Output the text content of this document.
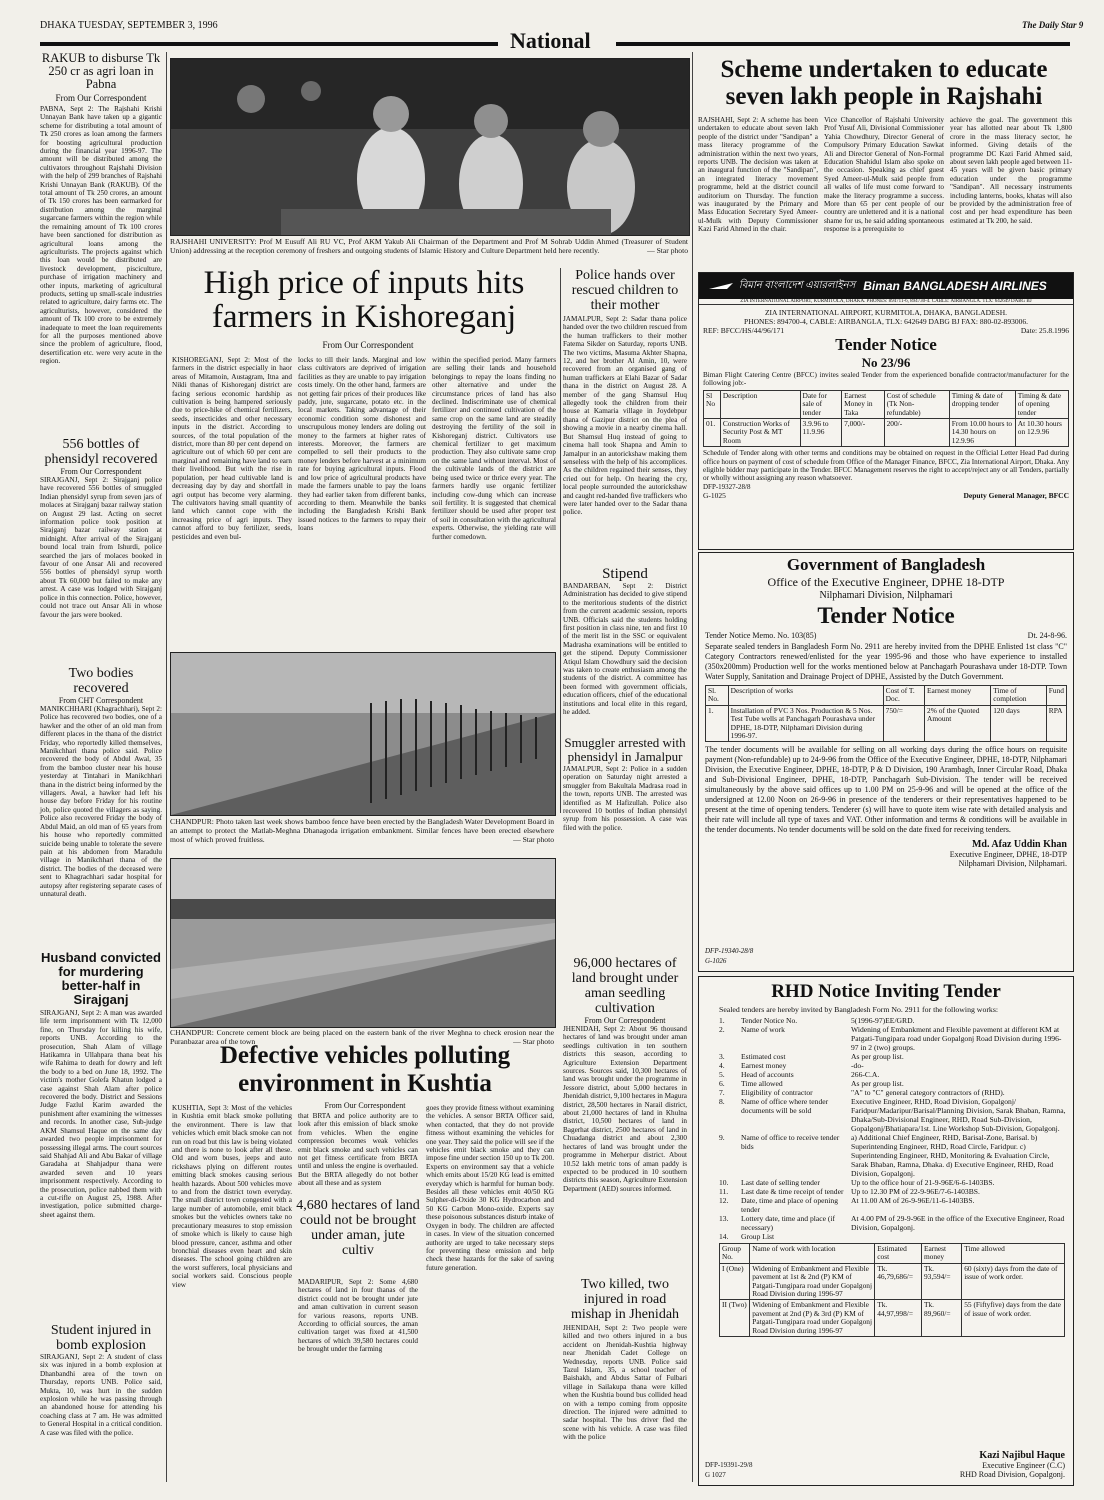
DHAKA TUESDAY, SEPTEMBER 3, 1996
National
The Daily Star 9
RAKUB to disburse Tk 250 cr as agri loan in Pabna
From Our Correspondent
PABNA, Sept 2: The Rajshahi Krishi Unnayan Bank have taken up a gigantic scheme for distributing a total amount of Tk 250 crores as loan among the farmers for boosting agricultural production during the financial year 1996-97. The amount will be distributed among the cultivators throughout Rajshahi Division with the help of 299 branches of Rajshahi Krishi Unnayan Bank (RAKUB). Of the total amount of Tk 250 crores, an amount of Tk 150 crores has been earmarked for distribution among the marginal sugarcane farmers within the region while the remaining amount of Tk 100 crores have been sanctioned for distribution as agricultural loans among the agriculturists. The projects against which this loan would be distributed are livestock development, pisciculture, purchase of irrigation machinery and other inputs, marketing of agricultural products, setting up small-scale industries related to agriculture, dairy farms etc. The agriculturists, however, considered the amount of Tk 100 crore to be extremely inadequate to meet the loan requirements for all the purposes mentioned above since the problem of agriculture, flood, desertification etc. were very acute in the region.
556 bottles of phensidyl recovered
From Our Correspondent
SIRAJGANJ, Sept 2: Sirajganj police have recovered 556 bottles of smuggled Indian phensidyl syrup from seven jars of molaces at Sirajganj bazar railway station on August 29 last. Acting on secret information police took position at Sirajganj bazar railway station at midnight. After arrival of the Sirajganj bound local train from Ishurdi, police searched the jars of molaces booked in favour of one Ansar Ali and recovered 556 bottles of phensidyl syrup worth about Tk 60,000 but failed to make any arrest. A case was lodged with Sirajganj police in this connection. Police, however, could not trace out Ansar Ali in whose favour the jars were booked.
Two bodies recovered
From CHT Correspondent
MANIKCHHARI (Khagrachhari), Sept 2: Police has recovered two bodies, one of a hawker and the other of an old man from different places in the thana of the district Friday, who reportedly killed themselves, Manikchhari thana police said. Police recovered the body of Abdul Awal, 35 from the bamboo cluster near his house yesterday at Tintahari in Manikchhari thana in the district being informed by the villagers. Awal, a hawker had left his house day before Friday for his routine job, police quoted the villagers as saying. Police also recovered Friday the body of Abdul Maid, an old man of 65 years from his house who reportedly committed suicide being unable to tolerate the severe pain at his abdomen from Maradulu village in Manikchhari thana of the district. The bodies of the deceased were sent to Khagrachhari sadar hospital for autopsy after registering separate cases of unnatural death.
Husband convicted for murdering better-half in Sirajganj
SIRAJGANJ, Sept 2: A man was awarded life term imprisonment with Tk 12,000 fine, on Thursday for killing his wife, reports UNB. According to the prosecution, Shah Alam of village Hatikamra in Ullahpara thana beat his wife Rahima to death for dowry and left the body to a bed on June 18, 1992. The victim's mother Golefa Khatun lodged a case against Shah Alam after police recovered the body. District and Sessions Judge Fazlul Karim awarded the punishment after examining the witnesses and records. In another case, Sub-judge AKM Shamsul Haque on the same day awarded two people imprisonment for possessing illegal arms. The court sources said Shahjad Ali and Abu Bakar of village Garadaha at Shahjadpur thana were awarded seven and 10 years imprisonment respectively. According to the prosecution, police nabbed them with a cut-rifle on August 25, 1988. After investigation, police submitted charge-sheet against them.
Student injured in bomb explosion
SIRAJGANJ, Sept 2: A student of class six was injured in a bomb explosion at Dhanbandhi area of the town on Thursday, reports UNB. Police said, Mukta, 10, was hurt in the sudden explosion while he was passing through an abandoned house for attending his coaching class at 7 am. He was admitted to General Hospital in a critical condition. A case was filed with the police.
RAJSHAHI UNIVERSITY: Prof M Eusuff Ali RU VC, Prof AKM Yakub Ali Chairman of the Department and Prof M Sohrab Uddin Ahmed (Treasurer of Student Union) addressing at the reception ceremony of freshers and outgoing students of Islamic History and Culture Department held here recently.	— Star photo
High price of inputs hits farmers in Kishoreganj
From Our Correspondent
KISHOREGANJ, Sept 2: Most of the farmers in the district especially in haor areas of Mitamoin, Austagram, Itna and Nikli thanas of Kishoreganj district are facing serious economic hardship as cultivation is being hampered seriously due to price-hike of chemical fertilizers, seeds, insecticides and other necessary inputs in the district. According to sources, of the total population of the district, more than 80 per cent depend on agriculture out of which 60 per cent are marginal and remaining have land to earn their livelihood. But with the rise in population, per head cultivable land is decreasing day by day and shortfall in agri output has become very alarming. The cultivators having small quantity of land which cannot cope with the increasing price of agri inputs. They cannot afford to buy fertilizer, seeds, pesticides and even bul-
locks to till their lands. Marginal and low class cultivators are deprived of irrigation facilities as they are unable to pay irrigation costs timely. On the other hand, farmers are not getting fair prices of their produces like paddy, jute, sugarcane, potato etc. in the local markets. Taking advantage of their economic condition some dishonest and unscrupulous money lenders are doling out money to the farmers at higher rates of interests. Moreover, the farmers are compelled to sell their products to the money lenders before harvest at a minimum rate for buying agricultural inputs. Flood and low price of agricultural products have made the farmers unable to pay the loans they had earlier taken from different banks, according to them. Meanwhile the banks including the Bangladesh Krishi Bank issued notices to the farmers to repay their loans
within the specified period. Many farmers are selling their lands and household belongings to repay the loans finding no other alternative and under the circumstance prices of land has also declined. Indiscriminate use of chemical fertilizer and continued cultivation of the same crop on the same land are steadily destroying the fertility of the soil in Kishoreganj district. Cultivators use chemical fertilizer to get maximum production. They also cultivate same crop on the same land without interval. Most of the cultivable lands of the district are being used twice or thrice every year. The farmers hardly use organic fertilizer including cow-dung which can increase soil fertility. It is suggested that chemical fertilizer should be used after proper test of soil in consultation with the agricultural experts. Otherwise, the yielding rate will further comedown.
Police hands over rescued children to their mother
JAMALPUR, Sept 2: Sadar thana police handed over the two children rescued from the human traffickers to their mother Fatema Sikder on Saturday, reports UNB. The two victims, Masuma Akhter Shapna, 12, and her brother Al Amin, 10, were recovered from an organised gang of human traffickers at Elahi Bazar of Sadar thana in the district on August 28. A member of the gang Shamsul Huq allegedly took the children from their house at Kamaria village in Joydebpur thana of Gazipur district on the plea of showing a movie in a nearby cinema hall. But Shamsul Huq instead of going to cinema hall took Shapna and Amin to Jamalpur in an autorickshaw making them senseless with the help of his accomplices. As the children regained their senses, they cried out for help. On hearing the cry, local people surrounded the autorickshaw and caught red-handed five traffickers who were later handed over to the Sadar thana police.
Stipend
BANDARBAN, Sept 2: District Administration has decided to give stipend to the meritorious students of the district from the current academic session, reports UNB. Officials said the students holding first position in class nine, ten and first 10 of the merit list in the SSC or equivalent Madrasha examinations will be entitled to get the stipend. Deputy Commissioner Atiqul Islam Chowdhury said the decision was taken to create enthusiasm among the students of the district. A committee has been formed with government officials, education officers, chief of the educational institutions and local elite in this regard, he added.
Smuggler arrested with phensidyl in Jamalpur
JAMALPUR, Sept 2: Police in a sudden operation on Saturday night arrested a smuggler from Bakultala Madrasa road in the town, reports UNB. The arrested was identified as M Hafizullah. Police also recovered 10 bottles of Indian phensidyl syrup from his possession. A case was filed with the police.
CHANDPUR: Photo taken last week shows bamboo fence have been erected by the Bangladesh Water Development Board in an attempt to protect the Matlab-Meghna Dhanagoda irrigation embankment. Similar fences have been erected elsewhere most of which proved fruitless.	— Star photo
CHANDPUR: Concrete cement block are being placed on the eastern bank of the river Meghna to check erosion near the Puranbazar area of the town	— Star photo
96,000 hectares of land brought under aman seedling cultivation
From Our Correspondent
JHENIDAH, Sept 2: About 96 thousand hectares of land was brought under aman seedlings cultivation in ten southern districts this season, according to Agriculture Extension Department sources. Sources said, 10,300 hectares of land was brought under the programme in Jessore district, about 5,000 hectares in Jhenidah district, 9,100 hectares in Magura district, 28,500 hectares in Narail district, about 21,000 hectares of land in Khulna district, 10,500 hectares of land in Bagerhat district, 2500 hectares of land in Chuadanga district and about 2,300 hectares of land was brought under the programme in Meherpur district. About 10.52 lakh metric tons of aman paddy is expected to be produced in 10 southern districts this season, Agriculture Extension Department (AED) sources informed.
Two killed, two injured in road mishap in Jhenidah
JHENIDAH, Sept 2: Two people were killed and two others injured in a bus accident on Jhenidah-Kushtia highway near Jhenidah Cadet College on Wednesday, reports UNB. Police said Tazul Islam, 35, a school teacher of Baishakh, and Abdus Sattar of Fulbari village in Sailakupa thana were killed when the Kushtia bound bus collided head on with a tempo coming from opposite direction. The injured were admitted to sadar hospital. The bus driver fled the scene with his vehicle. A case was filed with the police
Defective vehicles polluting environment in Kushtia
From Our Correspondent
KUSHTIA, Sept 3: Most of the vehicles in Kushtia emit black smoke polluting the environment. There is law that vehicles which emit black smoke can not run on road but this law is being violated and there is none to look after all these. Old and worn buses, jeeps and auto rickshaws plying on different routes emitting black smokes causing serious health hazards. About 500 vehicles move to and from the district town everyday. The small district town congested with a large number of automobile, emit black smokes but the vehicles owners take no precautionary measures to stop emission of smoke which is likely to cause high blood pressure, cancer, asthma and other bronchial diseases even heart and skin diseases. The school going children are the worst sufferers, local physicians and social workers said. Conscious people view
that BRTA and police authority are to look after this emission of black smoke from vehicles. When the engine compression becomes weak vehicles emit black smoke and such vehicles can not get fitness certificate from BRTA until and unless the engine is overhauled. But the BRTA allegedly do not bother about all these and as system
4,680 hectares of land could not be brought under aman, jute cultiv
MADARIPUR, Sept 2: Some 4,680 hectares of land in four thanas of the district could not be brought under jute and aman cultivation in current season for various reasons, reports UNB. According to official sources, the aman cultivation target was fixed at 41,500 hectares of which 39,580 hectares could be brought under the farming
goes they provide fitness without examining the vehicles. A sensor BRTA Officer said, when contacted, that they do not provide fitness without examining the vehicles for one year. They said the police will see if the vehicles emit black smoke and they can impose fine under section 150 up to Tk 200. Experts on environment say that a vehicle which emits about 15/20 KG lead is emitted everyday which is harmful for human body. Besides all these vehicles emit 40/50 KG Sulpher-di-Oxide 30 KG Hydrocarbon and 50 KG Carbon Mono-oxide. Experts say these poisonous substances disturb intake of Oxygen in body. The children are affected in cases. In view of the situation concerned authority are urged to take necessary steps for preventing these emission and help check these hazards for the sake of saving future generation.
Scheme undertaken to educate seven lakh people in Rajshahi
RAJSHAHI, Sept 2: A scheme has been undertaken to educate about seven lakh people of the district under "Sandipan" a mass literacy programme of the administration within the next two years, reports UNB. The decision was taken at an inaugural function of the "Sandipan", an integrated literacy movement programme, held at the district council auditorium on Thursday. The function was inaugurated by the Primary and Mass Education Secretary Syed Ameer-ul-Mulk with Deputy Commissioner Kazi Farid Ahmed in the chair.
Vice Chancellor of Rajshahi University Prof Yusuf Ali, Divisional Commissioner Yahia Chowdhury, Director General of Compulsory Primary Education Sawkat Ali and Director General of Non-Formal Education Shahidul Islam also spoke on the occasion. Speaking as chief guest Syed Ameer-ul-Mulk said people from all walks of life must come forward to make the literacy programme a success. More than 65 per cent people of our country are unlettered and it is a national shame for us, he said adding spontaneous response is a prerequisite to
achieve the goal. The government this year has allotted near about Tk 1,800 crore in the mass literacy sector, he informed. Giving details of the programme DC Kazi Farid Ahmed said, about seven lakh people aged between 11-45 years will be given basic primary education under the programme "Sandipan". All necessary instruments including lanterns, books, khatas will also be provided by the administration free of cost and per head expenditure has been estimated at Tk 200, he said.
বিমান বাংলাদেশ এয়ারলাইনস Biman BANGLADESH AIRLINES
ZIA INTERNATIONAL AIRPORT, KURMITOLA, DHAKA. PHONES: 894711-6, 894730-4. CABLE: AIRBANGLA. TLX: 642649 DABG BJ
ZIA INTERNATIONAL AIRPORT, KURMITOLA, DHAKA, BANGLADESH.
PHONES: 894700-4, CABLE: AIRBANGLA, TLX: 642649 DABG BJ FAX: 880-02-893006.
REF: BFCC/HS/44/96/171	Date: 25.8.1996
Tender Notice
No 23/96
Biman Flight Catering Centre (BFCC) invites sealed Tender from the experienced bonafide contractor/manufacturer for the following job:-
Sl No	Description	Date for sale of tender	Earnest Money in Taka	Cost of schedule (Tk Non-refundable)	Timing & date of dropping tender	Timing & date of opening tender
01.	Construction Works of Security Post & MT Room	3.9.96 to 11.9.96	7,000/-	200/-	From 10.00 hours to 14.30 hours on 12.9.96	At 10.30 hours on 12.9.96
Schedule of Tender along with other terms and conditions may be obtained on request in the Official Letter Head Pad during office hours on payment of cost of schedule from Office of the Manager Finance, BFCC, Zia International Airport, Dhaka. Any eligible bidder may participate in the Tender. BFCC Management reserves the right to accept/reject any or all Tenders, partially or wholly without assigning any reason whatsoever.
DFP-19327-28/8
G-1025	Deputy General Manager, BFCC
Government of Bangladesh
Office of the Executive Engineer, DPHE 18-DTP
Nilphamari Division, Nilphamari
Tender Notice
Tender Notice Memo. No. 103(85)	Dt. 24-8-96.
Separate sealed tenders in Bangladesh Form No. 2911 are hereby invited from the DPHE Enlisted 1st class "C" Category Contractors renewed/enlisted for the year 1995-96 and those who have experience to installed (350x200mm) Production well for the works mentioned below at Panchagarh Pourashava under 18-DTP. Town Water Supply, Sanitation and Drainage Project of DPHE, Assisted by the Dutch Government.
Sl. No.	Description of works	Cost of T. Doc.	Earnest money	Time of completion	Fund
1.	Installation of PVC 3 Nos. Production & 5 Nos. Test Tube wells at Panchagarh Pourashava under DPHE, 18-DTP, Nilphamari Division during 1996-97.	750/=	2% of the Quoted Amount	120 days	RPA
The tender documents will be available for selling on all working days during the office hours on requisite payment (Non-refundable) up to 24-9-96 from the Office of the Executive Engineer, DPHE, 18-DTP, Nilphamari Division, the Executive Engineer, DPHE, 18-DTP, P & D Division, 190 Arambagh, Inner Circular Road, Dhaka and Sub-Divisional Engineer, DPHE, 18-DTP, Panchagarh Sub-Division. The tender will be received simultaneously by the above said offices up to 1.00 PM on 25-9-96 and will be opened at the office of the undersigned at 12.00 Noon on 26-9-96 in presence of the tenderers or their representatives happened to be present at the time of opening tenders. Tenderer (s) will have to quote item wise rate with detailed analysis and their rate will include all type of taxes and VAT. Other information and terms & conditions will be available in the tender documents. No tender documents will be sold on the date fixed for receiving tenders.
Md. Afaz Uddin Khan
Executive Engineer, DPHE, 18-DTP
Nilphamari Division, Nilphamari.
DFP-19340-28/8
G-1026
RHD Notice Inviting Tender
Sealed tenders are hereby invited by Bangladesh Form No. 2911 for the following works:
1.	Tender Notice No.	5(1996-97)EE/GRD.
2.	Name of work	Widening of Embankment and Flexible pavement at different KM at Patgati-Tungipara road under Gopalgonj Road Division during 1996-97 in 2 (two) groups.
3.	Estimated cost	As per group list.
4.	Earnest money	-do-
5.	Head of accounts	266-C.A.
6.	Time allowed	As per group list.
7.	Eligibility of contractor	"A" to "C" general category contractors of (RHD).
8.	Name of office where tender documents will be sold
Executive Engineer, RHD, Road Division, Gopalgonj/ Faridpur/Madaripur/Barisal/Planning Division, Sarak Bhaban, Ramna, Dhaka/Sub-Divisional Engineer, RHD, Road Sub-Division, Gopalgonj/Bhatiapara/1st. Line Workshop Sub-Division, Gopalgonj.
9.	Name of office to receive tender bids
a) Additional Chief Engineer, RHD, Barisal-Zone, Barisal. b) Superintending Engineer, RHD, Road Circle, Faridpur. c) Superintending Engineer, RHD, Monitoring & Evaluation Circle, Sarak Bhaban, Ramna, Dhaka. d) Executive Engineer, RHD, Road Division, Gopalgonj.
10.	Last date of selling tender	Up to the office hour of 21-9-96E/6-6-1403BS.
11.	Last date & time receipt of tender Up to 12.30 PM of 22-9-96E/7-6-1403BS.
12.	Date, time and place of opening tender
At 11.00 AM of 26-9-96E/11-6-1403BS.
13.	Lottery date, time and place (if necessary)
At 4.00 PM of 29-9-96E in the office of the Executive Engineer, Road Division, Gopalgonj.
14.	Group List
Group No.	Name of work with location	Estimated cost	Earnest money	Time allowed
I (One)	Widening of Embankment and Flexible pavement at 1st & 2nd (P) KM of Patgati-Tungipara road under Gopalgonj Road Division during 1996-97	Tk. 46,79,686/=	Tk. 93,594/=	60 (sixty) days from the date of issue of work order.
II (Two)	Widening of Embankment and Flexible pavement at 2nd (P) & 3rd (P) KM of Patgati-Tungipara road under Gopalgonj Road Division during 1996-97	Tk. 44,97,998/=	Tk. 89,960/=	55 (Fiftyfive) days from the date of issue of work order.
Kazi Najibul Haque
Executive Engineer (C.C)
RHD Road Division, Gopalgonj.
DFP-19391-29/8
G 1027
